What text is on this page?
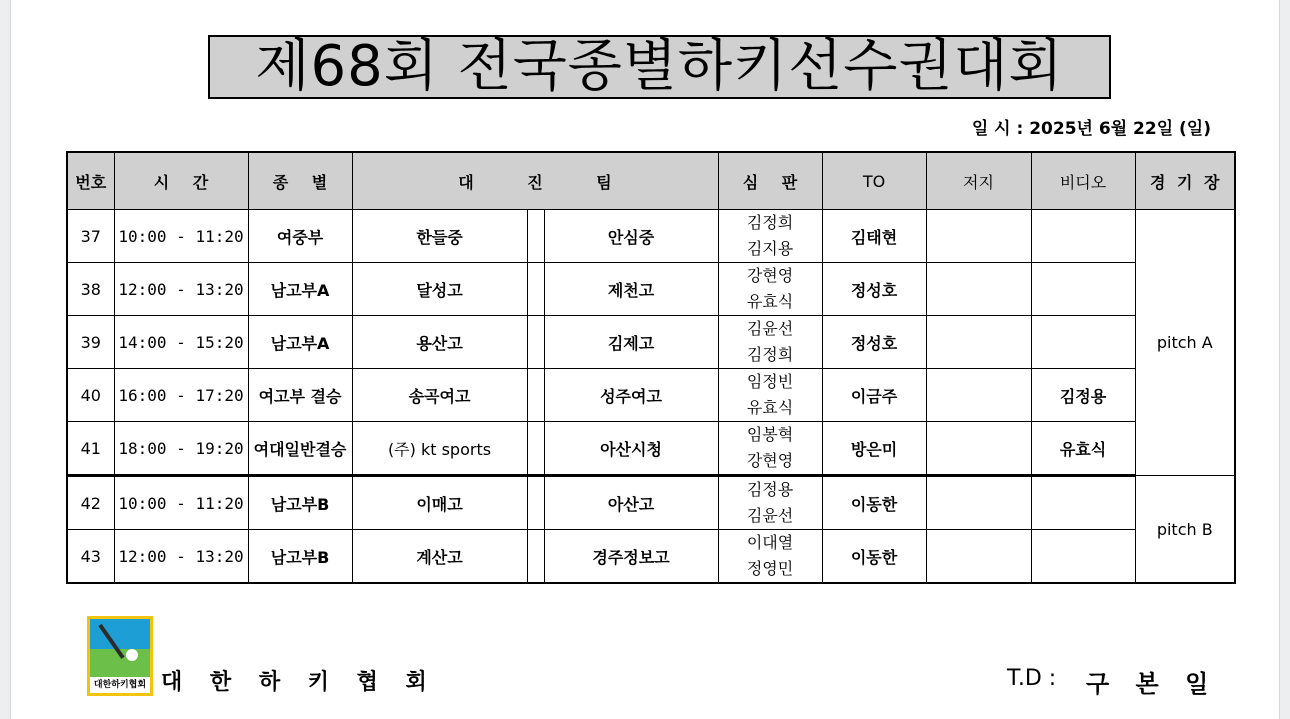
제68회 전국종별하키선수권대회
일 시 : 2025년 6월 22일 (일)
번호	시 간	종 별	대 진 팀			심 판	TO	저지	비디오	경 기 장
37	10:00 - 11:20	여중부	한들중		안심중	김정희
김지용	김태현			pitch A
38	12:00 - 13:20	남고부A	달성고		제천고	강현영
유효식	정성호			
39	14:00 - 15:20	남고부A	용산고		김제고	김윤선
김정희	정성호			
40	16:00 - 17:20	여고부 결승	송곡여고		성주여고	임정빈
유효식	이금주		김정용	
41	18:00 - 19:20	여대일반결승	(주) kt sports		아산시청	임봉혁
강현영	방은미		유효식	
42	10:00 - 11:20	남고부B	이매고		아산고	김정용
김윤선	이동한			pitch B
43	12:00 - 13:20	남고부B	계산고		경주정보고	이대열
정영민	이동한			
대한하키협회 대 한 하 키 협 회	T.D : 구 본 일
